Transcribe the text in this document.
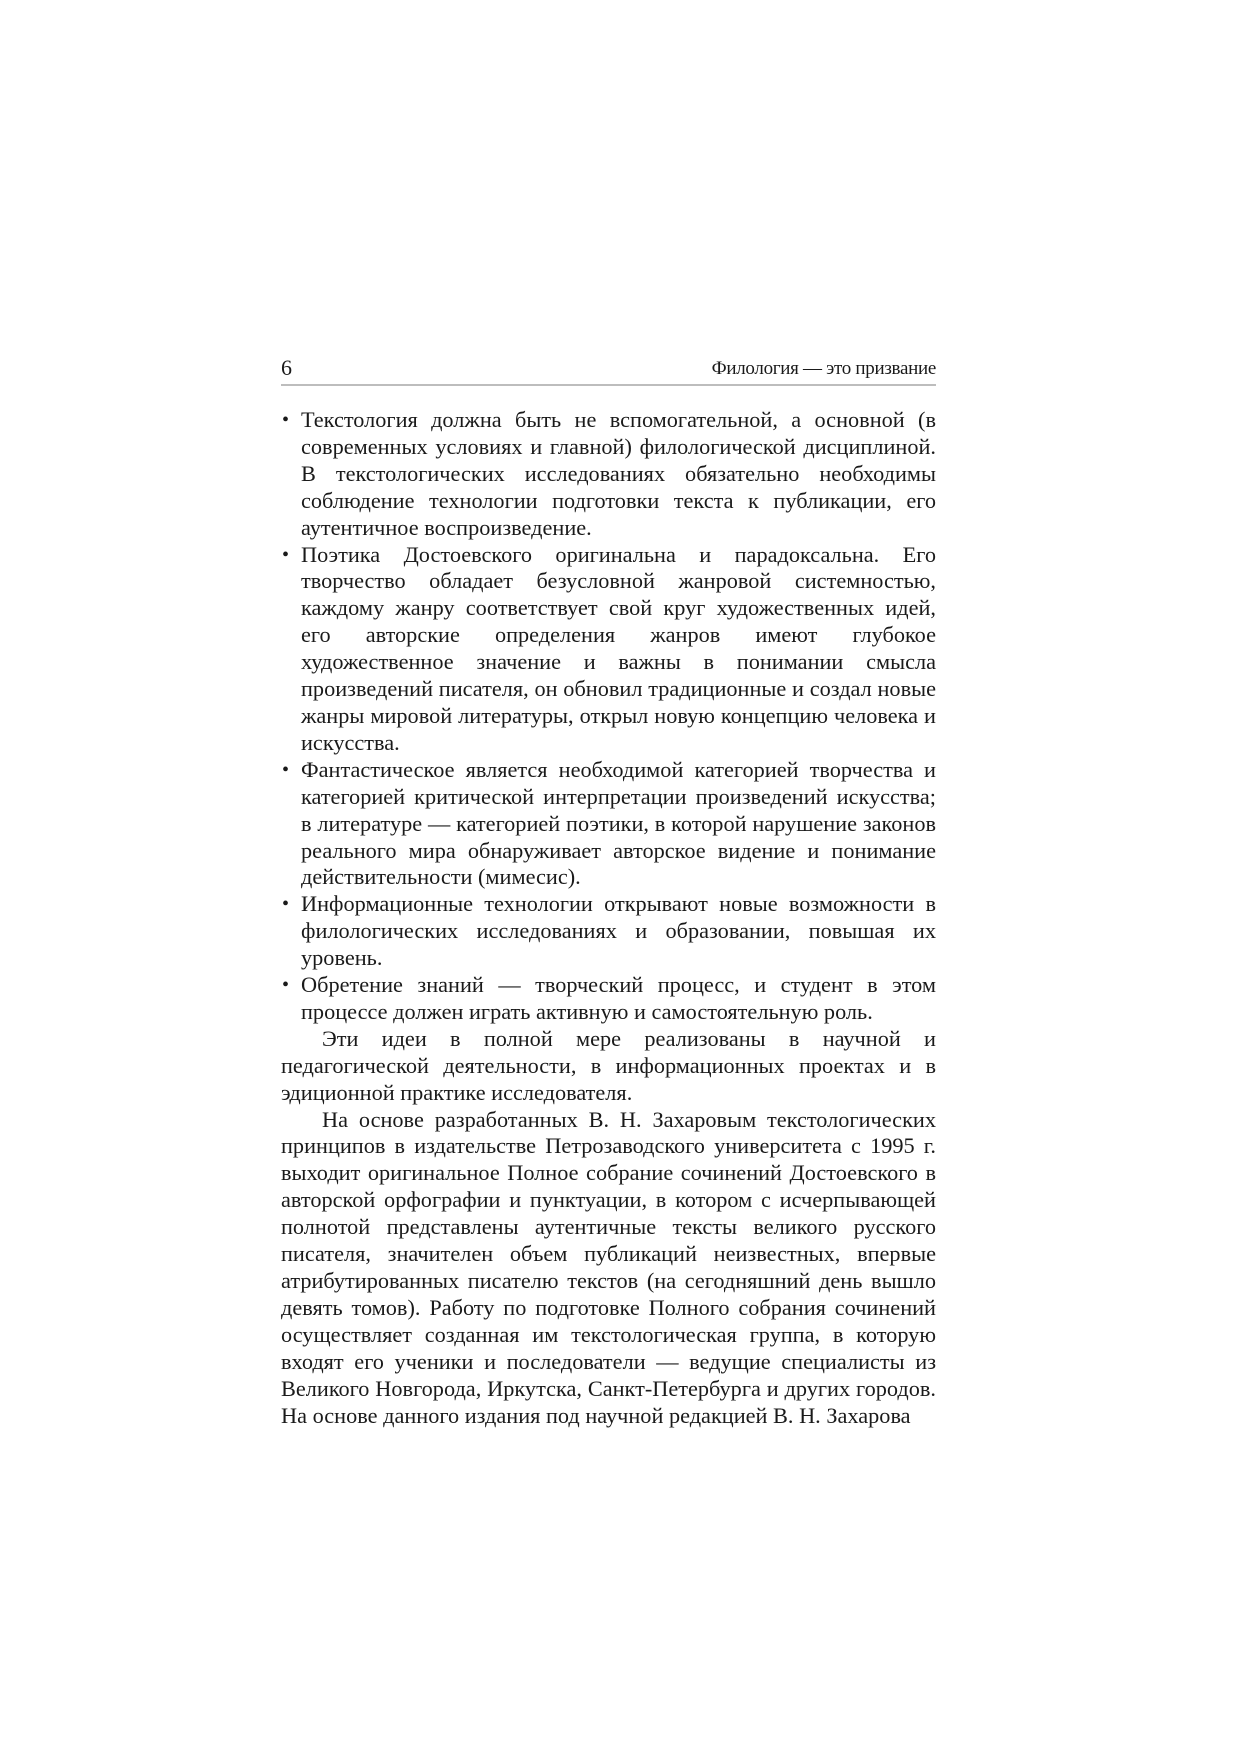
6	Филология — это призвание
• Текстология должна быть не вспомогательной, а основной (в современных условиях и главной) филологической дисциплиной. В текстологических исследованиях обязательно необходимы соблюдение технологии подготовки текста к публикации, его аутентичное воспроизведение.
• Поэтика Достоевского оригинальна и парадоксальна. Его творчество обладает безусловной жанровой системностью, каждому жанру соответствует свой круг художественных идей, его авторские определения жанров имеют глубокое художественное значение и важны в понимании смысла произведений писателя, он обновил традиционные и создал новые жанры мировой литературы, открыл новую концепцию человека и искусства.
• Фантастическое является необходимой категорией творчества и категорией критической интерпретации произведений искусства; в литературе — категорией поэтики, в которой нарушение законов реального мира обнаруживает авторское видение и понимание действительности (мимесис).
• Информационные технологии открывают новые возможности в филологических исследованиях и образовании, повышая их уровень.
• Обретение знаний — творческий процесс, и студент в этом процессе должен играть активную и самостоятельную роль.

Эти идеи в полной мере реализованы в научной и педагогической деятельности, в информационных проектах и в эдиционной практике исследователя.

На основе разработанных В. Н. Захаровым текстологических принципов в издательстве Петрозаводского университета с 1995 г. выходит оригинальное Полное собрание сочинений Достоевского в авторской орфографии и пунктуации, в котором с исчерпывающей полнотой представлены аутентичные тексты великого русского писателя, значителен объем публикаций неизвестных, впервые атрибутированных писателю текстов (на сегодняшний день вышло девять томов). Работу по подготовке Полного собрания сочинений осуществляет созданная им текстологическая группа, в которую входят его ученики и последователи — ведущие специалисты из Великого Новгорода, Иркутска, Санкт-Петербурга и других городов. На основе данного издания под научной редакцией В. Н. Захарова
